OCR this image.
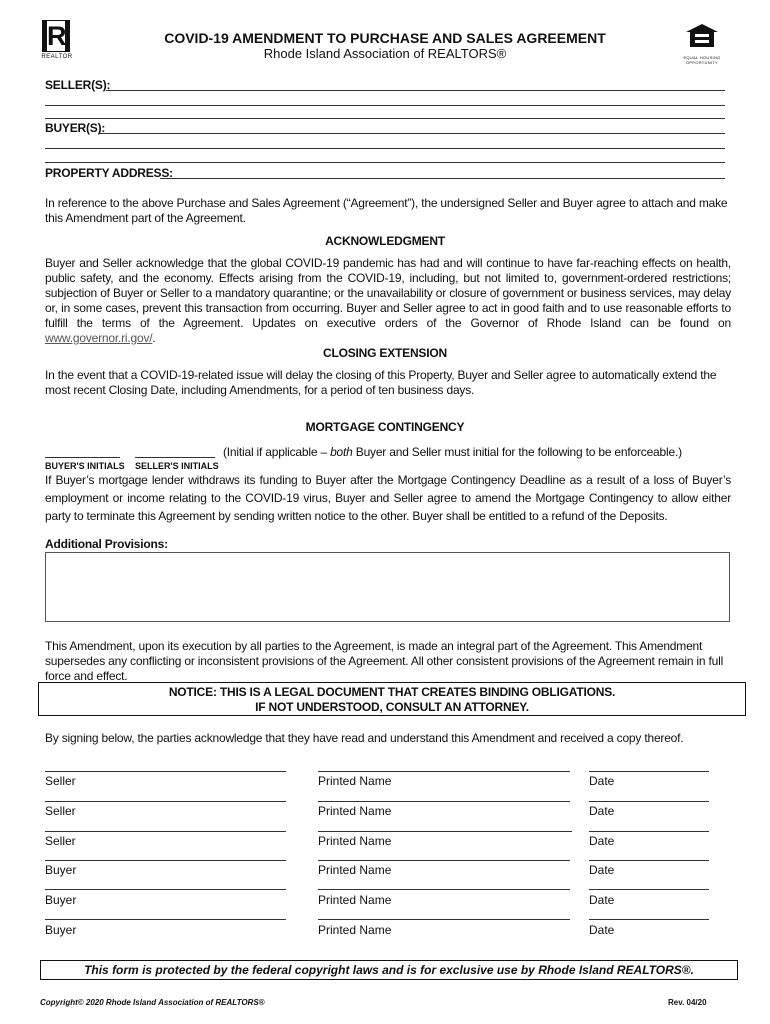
R
REALTOR
COVID-19 AMENDMENT TO PURCHASE AND SALES AGREEMENT
Rhode Island Association of REALTORS®	EQUAL HOUSING
OPPORTUNITY
SELLER(S):
BUYER(S):
PROPERTY ADDRESS:
In reference to the above Purchase and Sales Agreement (“Agreement”), the undersigned Seller and Buyer agree to attach and make this Amendment part of the Agreement.
ACKNOWLEDGMENT
Buyer and Seller acknowledge that the global COVID-19 pandemic has had and will continue to have far-reaching effects on health, public safety, and the economy. Effects arising from the COVID-19, including, but not limited to, government-ordered restrictions; subjection of Buyer or Seller to a mandatory quarantine; or the unavailability or closure of government or business services, may delay or, in some cases, prevent this transaction from occurring. Buyer and Seller agree to act in good faith and to use reasonable efforts to fulfill the terms of the Agreement. Updates on executive orders of the Governor of Rhode Island can be found on www.governor.ri.gov/.
CLOSING EXTENSION
In the event that a COVID-19-related issue will delay the closing of this Property, Buyer and Seller agree to automatically extend the most recent Closing Date, including Amendments, for a period of ten business days.
MORTGAGE CONTINGENCY
(Initial if applicable – both Buyer and Seller must initial for the following to be enforceable.)
BUYER'S INITIALS SELLER'S INITIALS
If Buyer’s mortgage lender withdraws its funding to Buyer after the Mortgage Contingency Deadline as a result of a loss of Buyer’s employment or income relating to the COVID-19 virus, Buyer and Seller agree to amend the Mortgage Contingency to allow either party to terminate this Agreement by sending written notice to the other. Buyer shall be entitled to a refund of the Deposits.
Additional Provisions:
This Amendment, upon its execution by all parties to the Agreement, is made an integral part of the Agreement. This Amendment supersedes any conflicting or inconsistent provisions of the Agreement. All other consistent provisions of the Agreement remain in full force and effect.
NOTICE: THIS IS A LEGAL DOCUMENT THAT CREATES BINDING OBLIGATIONS.
IF NOT UNDERSTOOD, CONSULT AN ATTORNEY.
By signing below, the parties acknowledge that they have read and understand this Amendment and received a copy thereof.
Seller	Printed Name	Date
Seller	Printed Name	Date
Seller	Printed Name	Date
Buyer	Printed Name	Date
Buyer	Printed Name	Date
Buyer	Printed Name	Date
This form is protected by the federal copyright laws and is for exclusive use by Rhode Island REALTORS®.
Copyright© 2020 Rhode Island Association of REALTORS®	Rev. 04/20
